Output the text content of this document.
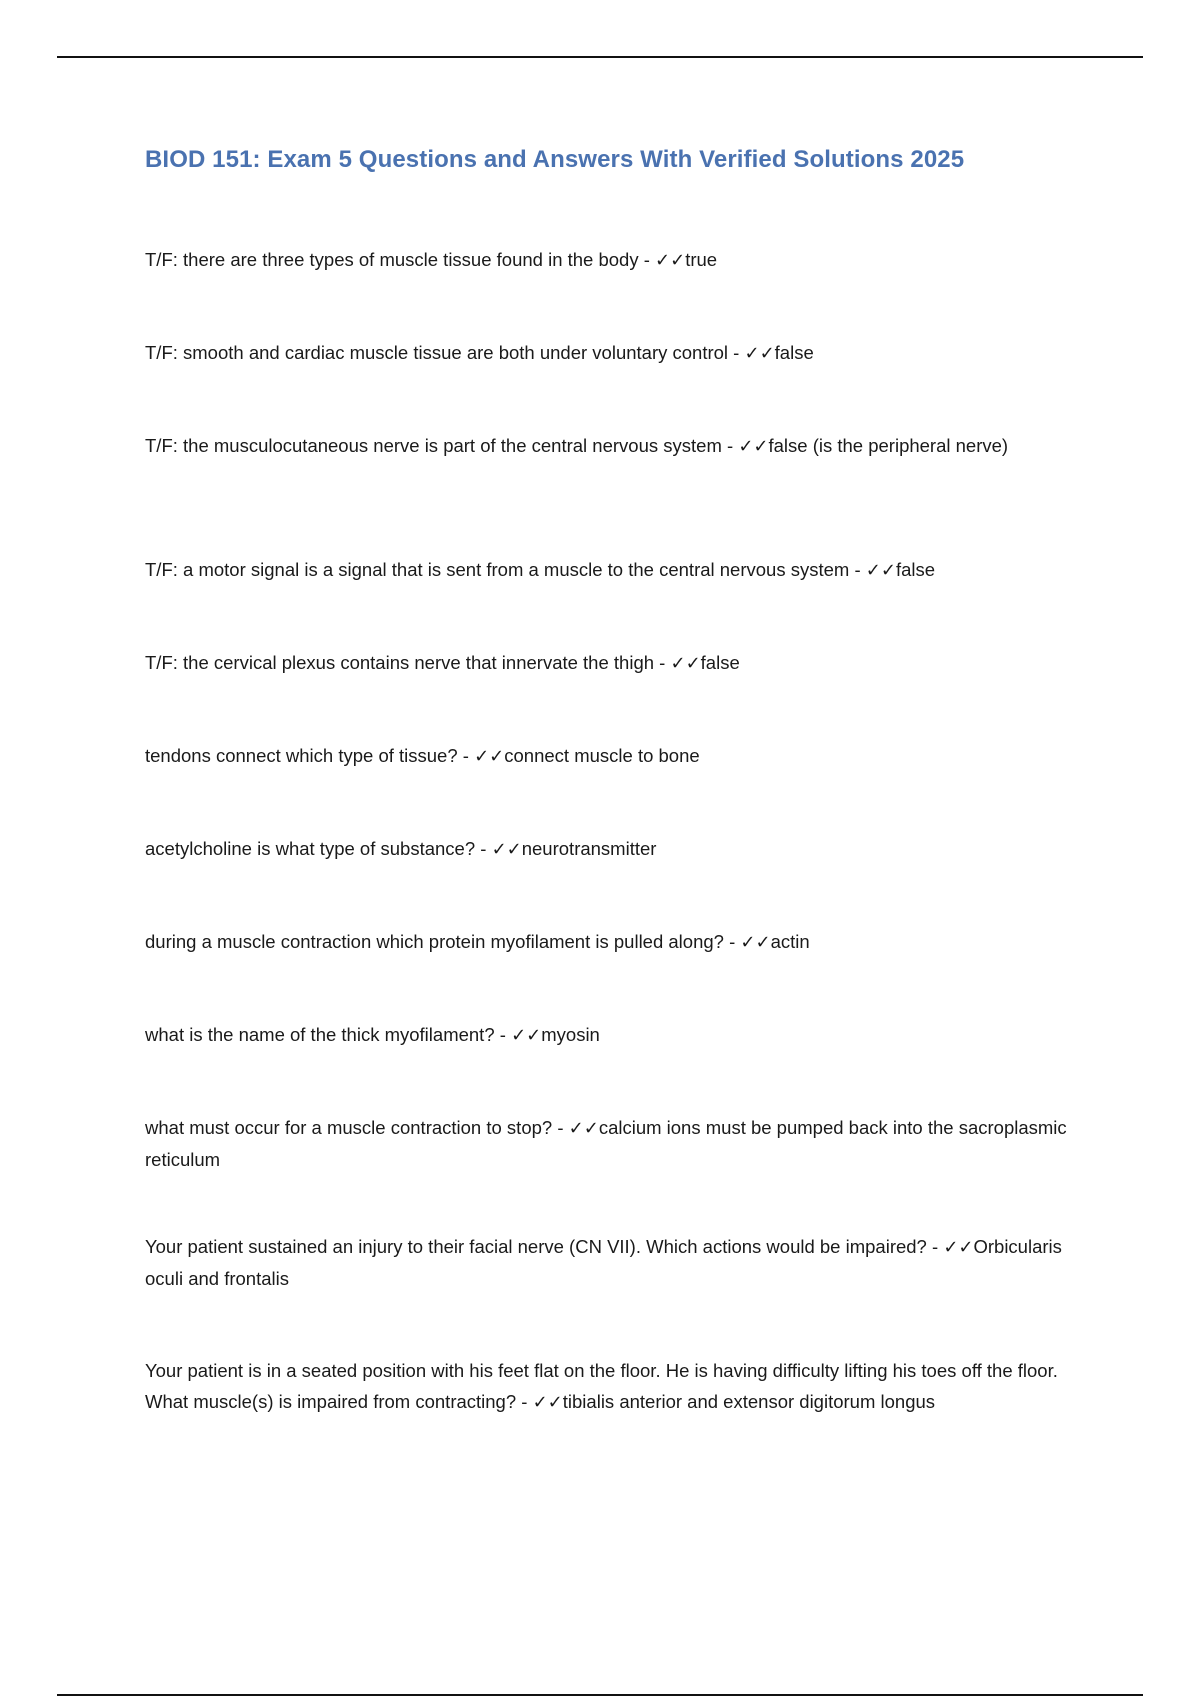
BIOD 151: Exam 5 Questions and Answers With Verified Solutions 2025

T/F: there are three types of muscle tissue found in the body - ✓✓true

T/F: smooth and cardiac muscle tissue are both under voluntary control - ✓✓false

T/F: the musculocutaneous nerve is part of the central nervous system - ✓✓false (is the peripheral nerve)

T/F: a motor signal is a signal that is sent from a muscle to the central nervous system - ✓✓false

T/F: the cervical plexus contains nerve that innervate the thigh - ✓✓false

tendons connect which type of tissue? - ✓✓connect muscle to bone

acetylcholine is what type of substance? - ✓✓neurotransmitter

during a muscle contraction which protein myofilament is pulled along? - ✓✓actin

what is the name of the thick myofilament? - ✓✓myosin

what must occur for a muscle contraction to stop? - ✓✓calcium ions must be pumped back into the sacroplasmic reticulum

Your patient sustained an injury to their facial nerve (CN VII). Which actions would be impaired? - ✓✓Orbicularis oculi and frontalis

Your patient is in a seated position with his feet flat on the floor. He is having difficulty lifting his toes off the floor. What muscle(s) is impaired from contracting? - ✓✓tibialis anterior and extensor digitorum longus
